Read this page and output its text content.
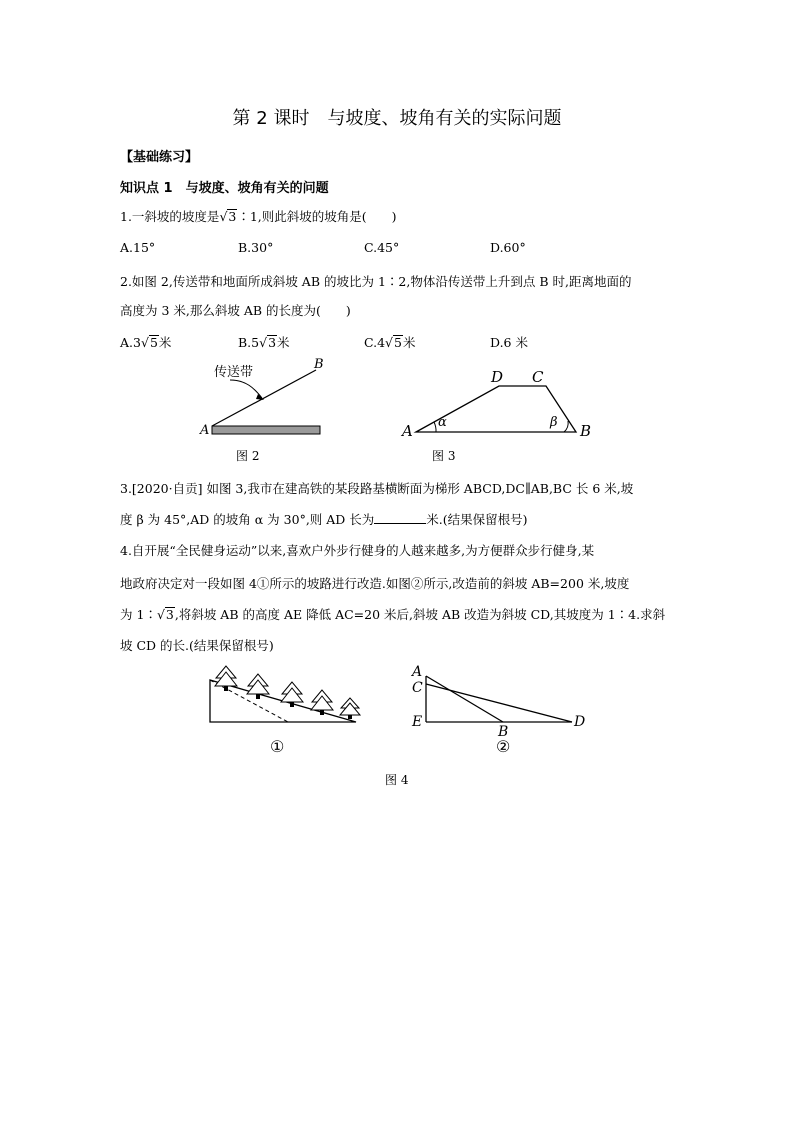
第 2 课时　与坡度、坡角有关的实际问题
【基础练习】
知识点 1　与坡度、坡角有关的问题
1.一斜坡的坡度是√3∶1,则此斜坡的坡角是(　　)
A.15°	B.30°	C.45°	D.60°
2.如图 2,传送带和地面所成斜坡 AB 的坡比为 1∶2,物体沿传送带上升到点 B 时,距离地面的
高度为 3 米,那么斜坡 AB 的长度为(　　)
A.3√5米	B.5√3米	C.4√5米	D.6 米
传送带
B
A
图 2
A	B
D C
α	β
图 3
3.[2020·自贡] 如图 3,我市在建高铁的某段路基横断面为梯形 ABCD,DC∥AB,BC 长 6 米,坡
度 β 为 45°,AD 的坡角 α 为 30°,则 AD 长为	米.(结果保留根号)
4.自开展“全民健身运动”以来,喜欢户外步行健身的人越来越多,为方便群众步行健身,某
地政府决定对一段如图 4①所示的坡路进行改造.如图②所示,改造前的斜坡 AB=200 米,坡度
为 1∶√3,将斜坡 AB 的高度 AE 降低 AC=20 米后,斜坡 AB 改造为斜坡 CD,其坡度为 1∶4.求斜
坡 CD 的长.(结果保留根号)
①
A
C
E
B
D
②
图 4
